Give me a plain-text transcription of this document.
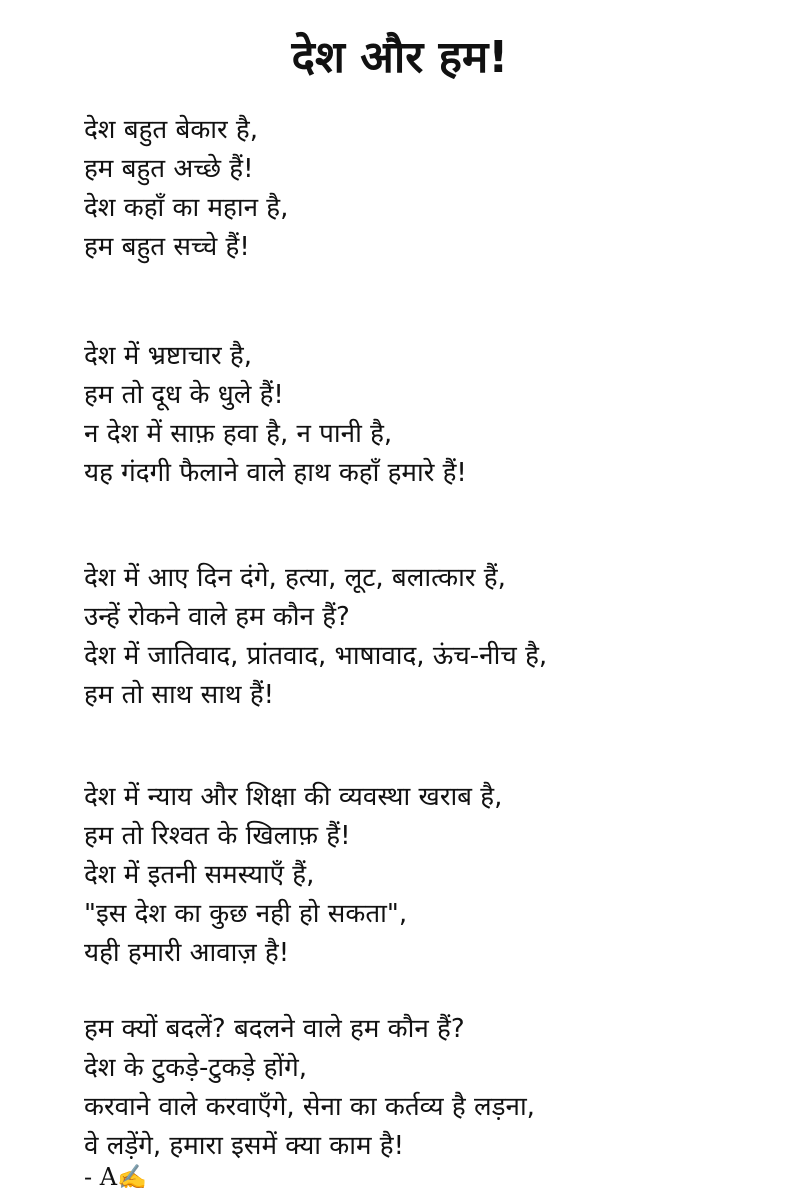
देश और हम!

देश बहुत बेकार है,

हम बहुत अच्छे हैं!

देश कहाँ का महान है,

हम बहुत सच्चे हैं!

देश में भ्रष्टाचार है,

हम तो दूध के धुले हैं!

न देश में साफ़ हवा है, न पानी है,

यह गंदगी फैलाने वाले हाथ कहाँ हमारे हैं!

देश में आए दिन दंगे, हत्या, लूट, बलात्कार हैं,

उन्हें रोकने वाले हम कौन हैं?

देश में जातिवाद, प्रांतवाद, भाषावाद, ऊंच-नीच है,

हम तो साथ साथ हैं!

देश में न्याय और शिक्षा की व्यवस्था खराब है,

हम तो रिश्वत के खिलाफ़ हैं!

देश में इतनी समस्याएँ हैं,

"इस देश का कुछ नही हो सकता",

यही हमारी आवाज़ है!

हम क्यों बदलें? बदलने वाले हम कौन हैं?

देश के टुकड़े-टुकड़े होंगे,

करवाने वाले करवाएँगे, सेना का कर्तव्य है लड़ना,

वे लड़ेंगे, हमारा इसमें क्या काम है!

- A✍
